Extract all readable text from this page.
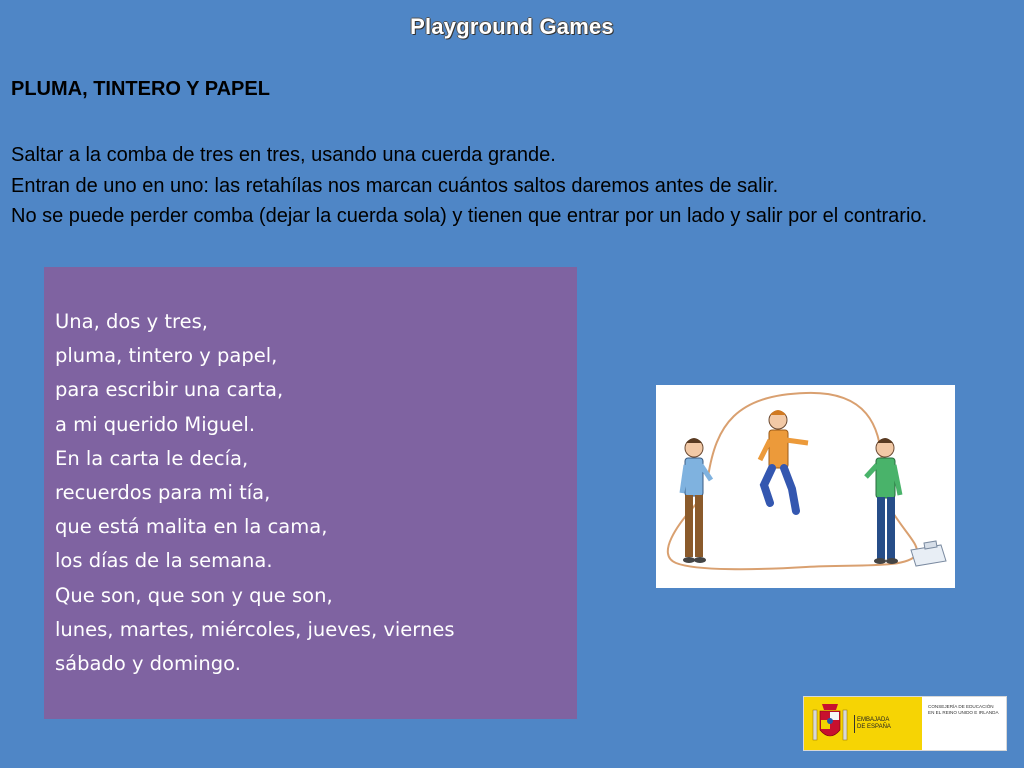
Playground Games
PLUMA, TINTERO Y PAPEL

Saltar a la comba de tres en tres, usando una cuerda grande.

Entran de uno en uno: las retahílas nos marcan cuántos saltos daremos antes de salir.

No se puede perder comba (dejar la cuerda sola) y tienen que entrar por un lado y salir por el contrario.

Una, dos y tres,

pluma, tintero y papel,

para escribir una carta,

a mi querido Miguel.

En la carta le decía,

recuerdos para mi tía,

que está malita en la cama,

los días de la semana.

Que son, que son y que son,

lunes, martes, miércoles, jueves, viernes

sábado y domingo.

EMBAJADA
DE ESPAÑA
CONSEJERÍA DE EDUCACIÓN
EN EL REINO UNIDO E IRLANDA
